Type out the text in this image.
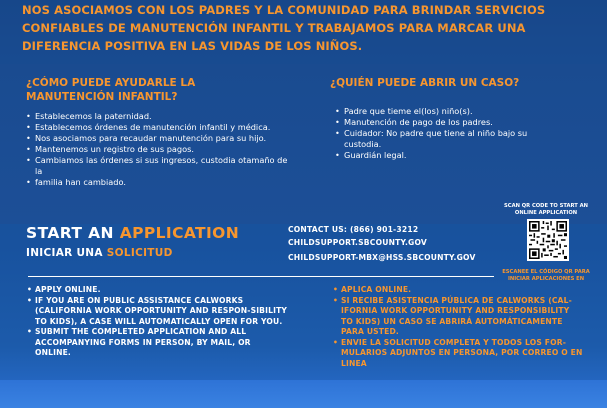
NOS ASOCIAMOS CON LOS PADRES Y LA COMUNIDAD PARA BRINDAR SERVICIOS CONFIABLES DE MANUTENCIÓN INFANTIL Y TRABAJAMOS PARA MARCAR UNA DIFERENCIA POSITIVA EN LAS VIDAS DE LOS NIÑOS.
¿CÓMO PUEDE AYUDARLE LA MANUTENCIÓN INFANTIL?
• Establecemos la paternidad.
• Establecemos órdenes de manutención infantil y médica.
• Nos asociamos para recaudar manutención para su hijo.
• Mantenemos un registro de sus pagos.
• Cambiamos las órdenes si sus ingresos, custodia otamaño de la
• familia han cambiado.
¿QUIÉN PUEDE ABRIR UN CASO?
• Padre que tieme el(los) niño(s).
• Manutención de pago de los padres.
• Cuidador: No padre que tiene al niño bajo su custodia.
• Guardián legal.
START AN APPLICATION
INICIAR UNA SOLICITUD
CONTACT US: (866) 901-3212
CHILDSUPPORT.SBCOUNTY.GOV
CHILDSUPPORT-MBX@HSS.SBCOUNTY.GOV
SCAN QR CODE TO START AN ONLINE APPLICATION
ESCANEE EL CÓDIGO QR PARA INICIAR APLICACIONES EN
• APPLY ONLINE.
• IF YOU ARE ON PUBLIC ASSISTANCE CALWORKS (CALIFORNIA WORK OPPORTUNITY AND RESPON-SIBILITY TO KIDS), A CASE WILL AUTOMATICALLY OPEN FOR YOU.
• SUBMIT THE COMPLETED APPLICATION AND ALL ACCOMPANYING FORMS IN PERSON, BY MAIL, OR ONLINE.
• APLICA ONLINE.
• SI RECIBE ASISTENCIA PÚBLICA DE CALWORKS (CAL-IFORNIA WORK OPPORTUNITY AND RESPONSIBILITY TO KIDS) UN CASO SE ABRIRÁ AUTOMÁTICAMENTE PARA USTED.
• ENVIE LA SOLICITUD COMPLETA Y TODOS LOS FOR-MULARIOS ADJUNTOS EN PERSONA, POR CORREO O EN LINEA
